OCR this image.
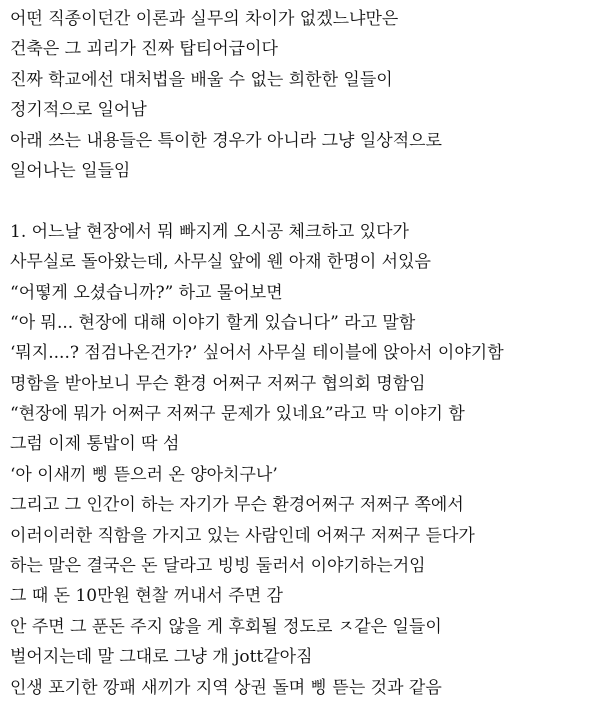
어떤 직종이던간 이론과 실무의 차이가 없겠느냐만은
건축은 그 괴리가 진짜 탑티어급이다
진짜 학교에선 대처법을 배울 수 없는 희한한 일들이
정기적으로 일어남
아래 쓰는 내용들은 특이한 경우가 아니라 그냥 일상적으로
일어나는 일들임
1. 어느날 현장에서 뭐 빠지게 오시공 체크하고 있다가
사무실로 돌아왔는데, 사무실 앞에 웬 아재 한명이 서있음
“어떻게 오셨습니까?” 하고 물어보면
“아 뭐... 현장에 대해 이야기 할게 있습니다” 라고 말함
‘뭐지....? 점검나온건가?’ 싶어서 사무실 테이블에 앉아서 이야기함
명함을 받아보니 무슨 환경 어쩌구 저쩌구 협의회 명함임
“현장에 뭐가 어쩌구 저쩌구 문제가 있네요”라고 막 이야기 함
그럼 이제 통밥이 딱 섬
‘아 이새끼 삥 뜯으러 온 양아치구나’
그리고 그 인간이 하는 자기가 무슨 환경어쩌구 저쩌구 쪽에서
이러이러한 직함을 가지고 있는 사람인데 어쩌구 저쩌구 듣다가
하는 말은 결국은 돈 달라고 빙빙 둘러서 이야기하는거임
그 때 돈 10만원 현찰 꺼내서 주면 감
안 주면 그 푼돈 주지 않을 게 후회될 정도로 ㅈ같은 일들이
벌어지는데 말 그대로 그냥 개 jott같아짐
인생 포기한 깡패 새끼가 지역 상권 돌며 삥 뜯는 것과 같음
